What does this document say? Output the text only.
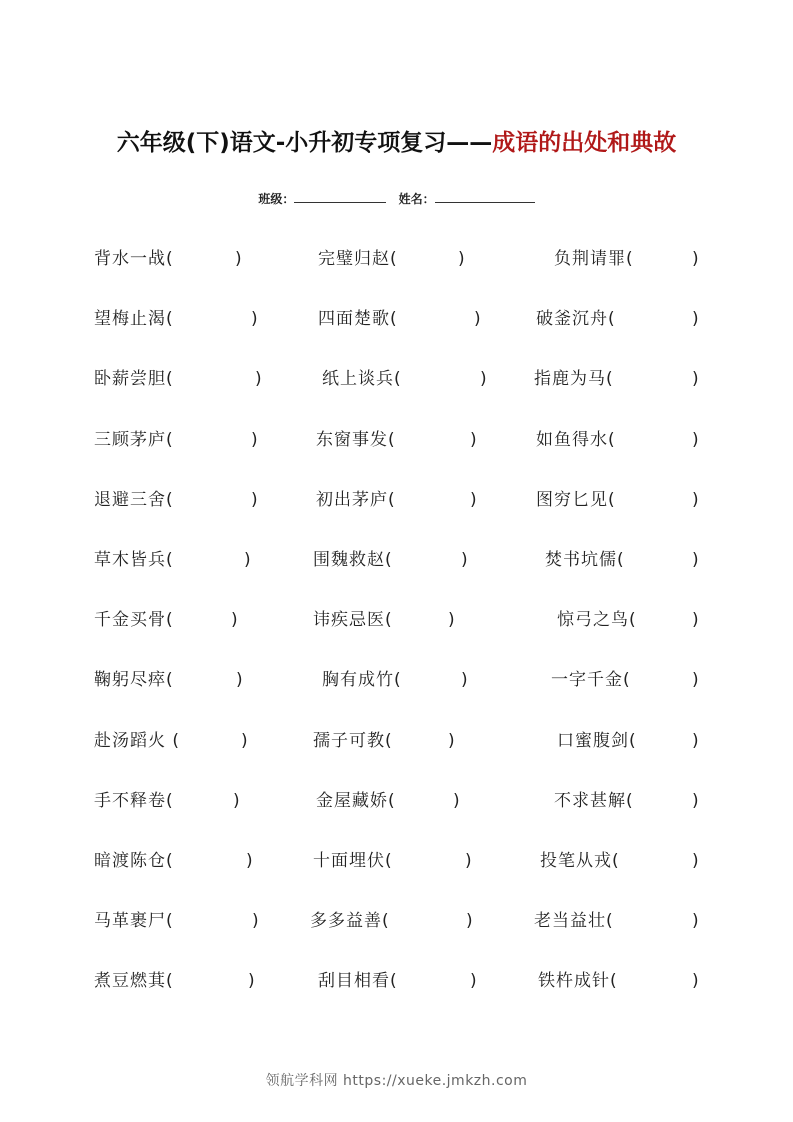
六年级(下)语文-小升初专项复习——成语的出处和典故
班级：	姓名：
背水一战(	)	完璧归赵(	)	负荆请罪(	)
望梅止渴(	)	四面楚歌(	)	破釜沉舟(	)
卧薪尝胆(	)	纸上谈兵(	)	指鹿为马(	)
三顾茅庐(	)	东窗事发(	)	如鱼得水(	)
退避三舍(	)	初出茅庐(	)	图穷匕见(	)
草木皆兵(	)	围魏救赵(	)	焚书坑儒(	)
千金买骨(	)	讳疾忌医(	)	惊弓之鸟(	)
鞠躬尽瘁(	)	胸有成竹(	)	一字千金(	)
赴汤蹈火 (	)	孺子可教(	)	口蜜腹剑(	)
手不释卷(	)	金屋藏娇(	)	不求甚解(	)
暗渡陈仓(	)	十面埋伏(	)	投笔从戎(	)
马革裹尸(	)	多多益善(	)	老当益壮(	)
煮豆燃萁(	)	刮目相看(	)	铁杵成针(	)
领航学科网 https://xueke.jmkzh.com
